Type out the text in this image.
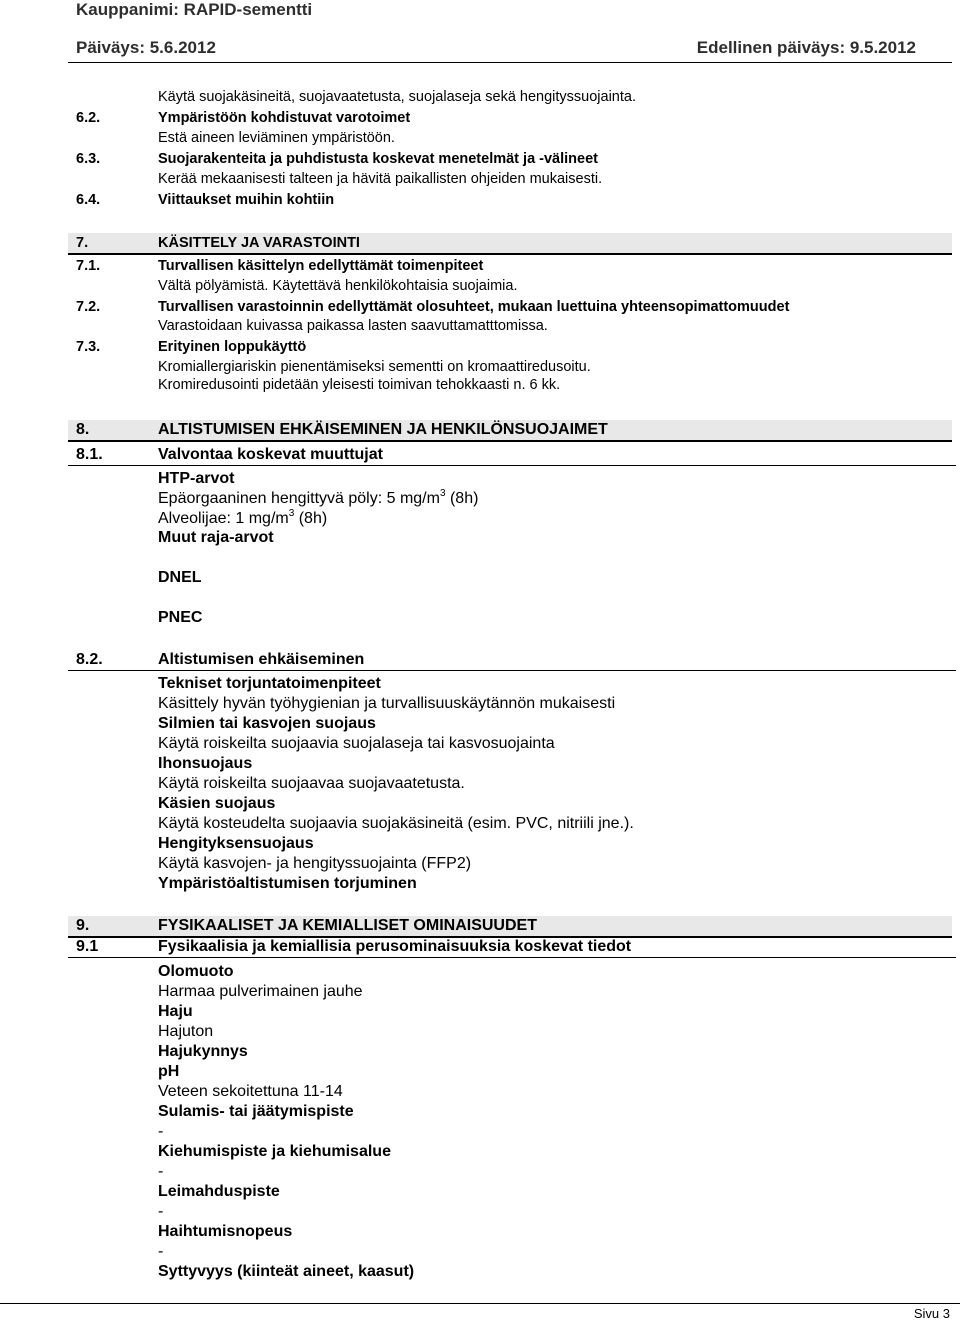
Kauppanimi: RAPID-sementti
Päiväys: 5.6.2012	Edellinen päiväys: 9.5.2012
Käytä suojakäsineitä, suojavaatetusta, suojalaseja sekä hengityssuojainta.
6.2.	Ympäristöön kohdistuvat varotoimet
Estä aineen leviäminen ympäristöön.
6.3.	Suojarakenteita ja puhdistusta koskevat menetelmät ja -välineet
Kerää mekaanisesti talteen ja hävitä paikallisten ohjeiden mukaisesti.
6.4.	Viittaukset muihin kohtiin
7.	KÄSITTELY JA VARASTOINTI
7.1.	Turvallisen käsittelyn edellyttämät toimenpiteet
Vältä pölyämistä. Käytettävä henkilökohtaisia suojaimia.
7.2.	Turvallisen varastoinnin edellyttämät olosuhteet, mukaan luettuina yhteensopimattomuudet
Varastoidaan kuivassa paikassa lasten saavuttamatttomissa.
7.3.	Erityinen loppukäyttö
Kromiallergiariskin pienentämiseksi sementti on kromaattiredusoitu.
Kromiredusointi pidetään yleisesti toimivan tehokkaasti n. 6 kk.
8.	ALTISTUMISEN EHKÄISEMINEN JA HENKILÖNSUOJAIMET
8.1.	Valvontaa koskevat muuttujat
HTP-arvot
Epäorgaaninen hengittyvä pöly: 5 $mg/m^3$ (8h)
Alveolijae: 1 $mg/m^3$ (8h)
Muut raja-arvot
DNEL
PNEC
8.2.	Altistumisen ehkäiseminen
Tekniset torjuntatoimenpiteet
Käsittely hyvän työhygienian ja turvallisuuskäytännön mukaisesti
Silmien tai kasvojen suojaus
Käytä roiskeilta suojaavia suojalaseja tai kasvosuojainta
Ihonsuojaus
Käytä roiskeilta suojaavaa suojavaatetusta.
Käsien suojaus
Käytä kosteudelta suojaavia suojakäsineitä (esim. PVC, nitriili jne.).
Hengityksensuojaus
Käytä kasvojen- ja hengityssuojainta (FFP2)
Ympäristöaltistumisen torjuminen
9.	FYSIKAALISET JA KEMIALLISET OMINAISUUDET
9.1	Fysikaalisia ja kemiallisia perusominaisuuksia koskevat tiedot
Olomuoto
Harmaa pulverimainen jauhe
Haju
Hajuton
Hajukynnys
pH
Veteen sekoitettuna 11-14
Sulamis- tai jäätymispiste
-
Kiehumispiste ja kiehumisalue
-
Leimahduspiste
-
Haihtumisnopeus
-
Syttyvyys (kiinteät aineet, kaasut)
Sivu 3
